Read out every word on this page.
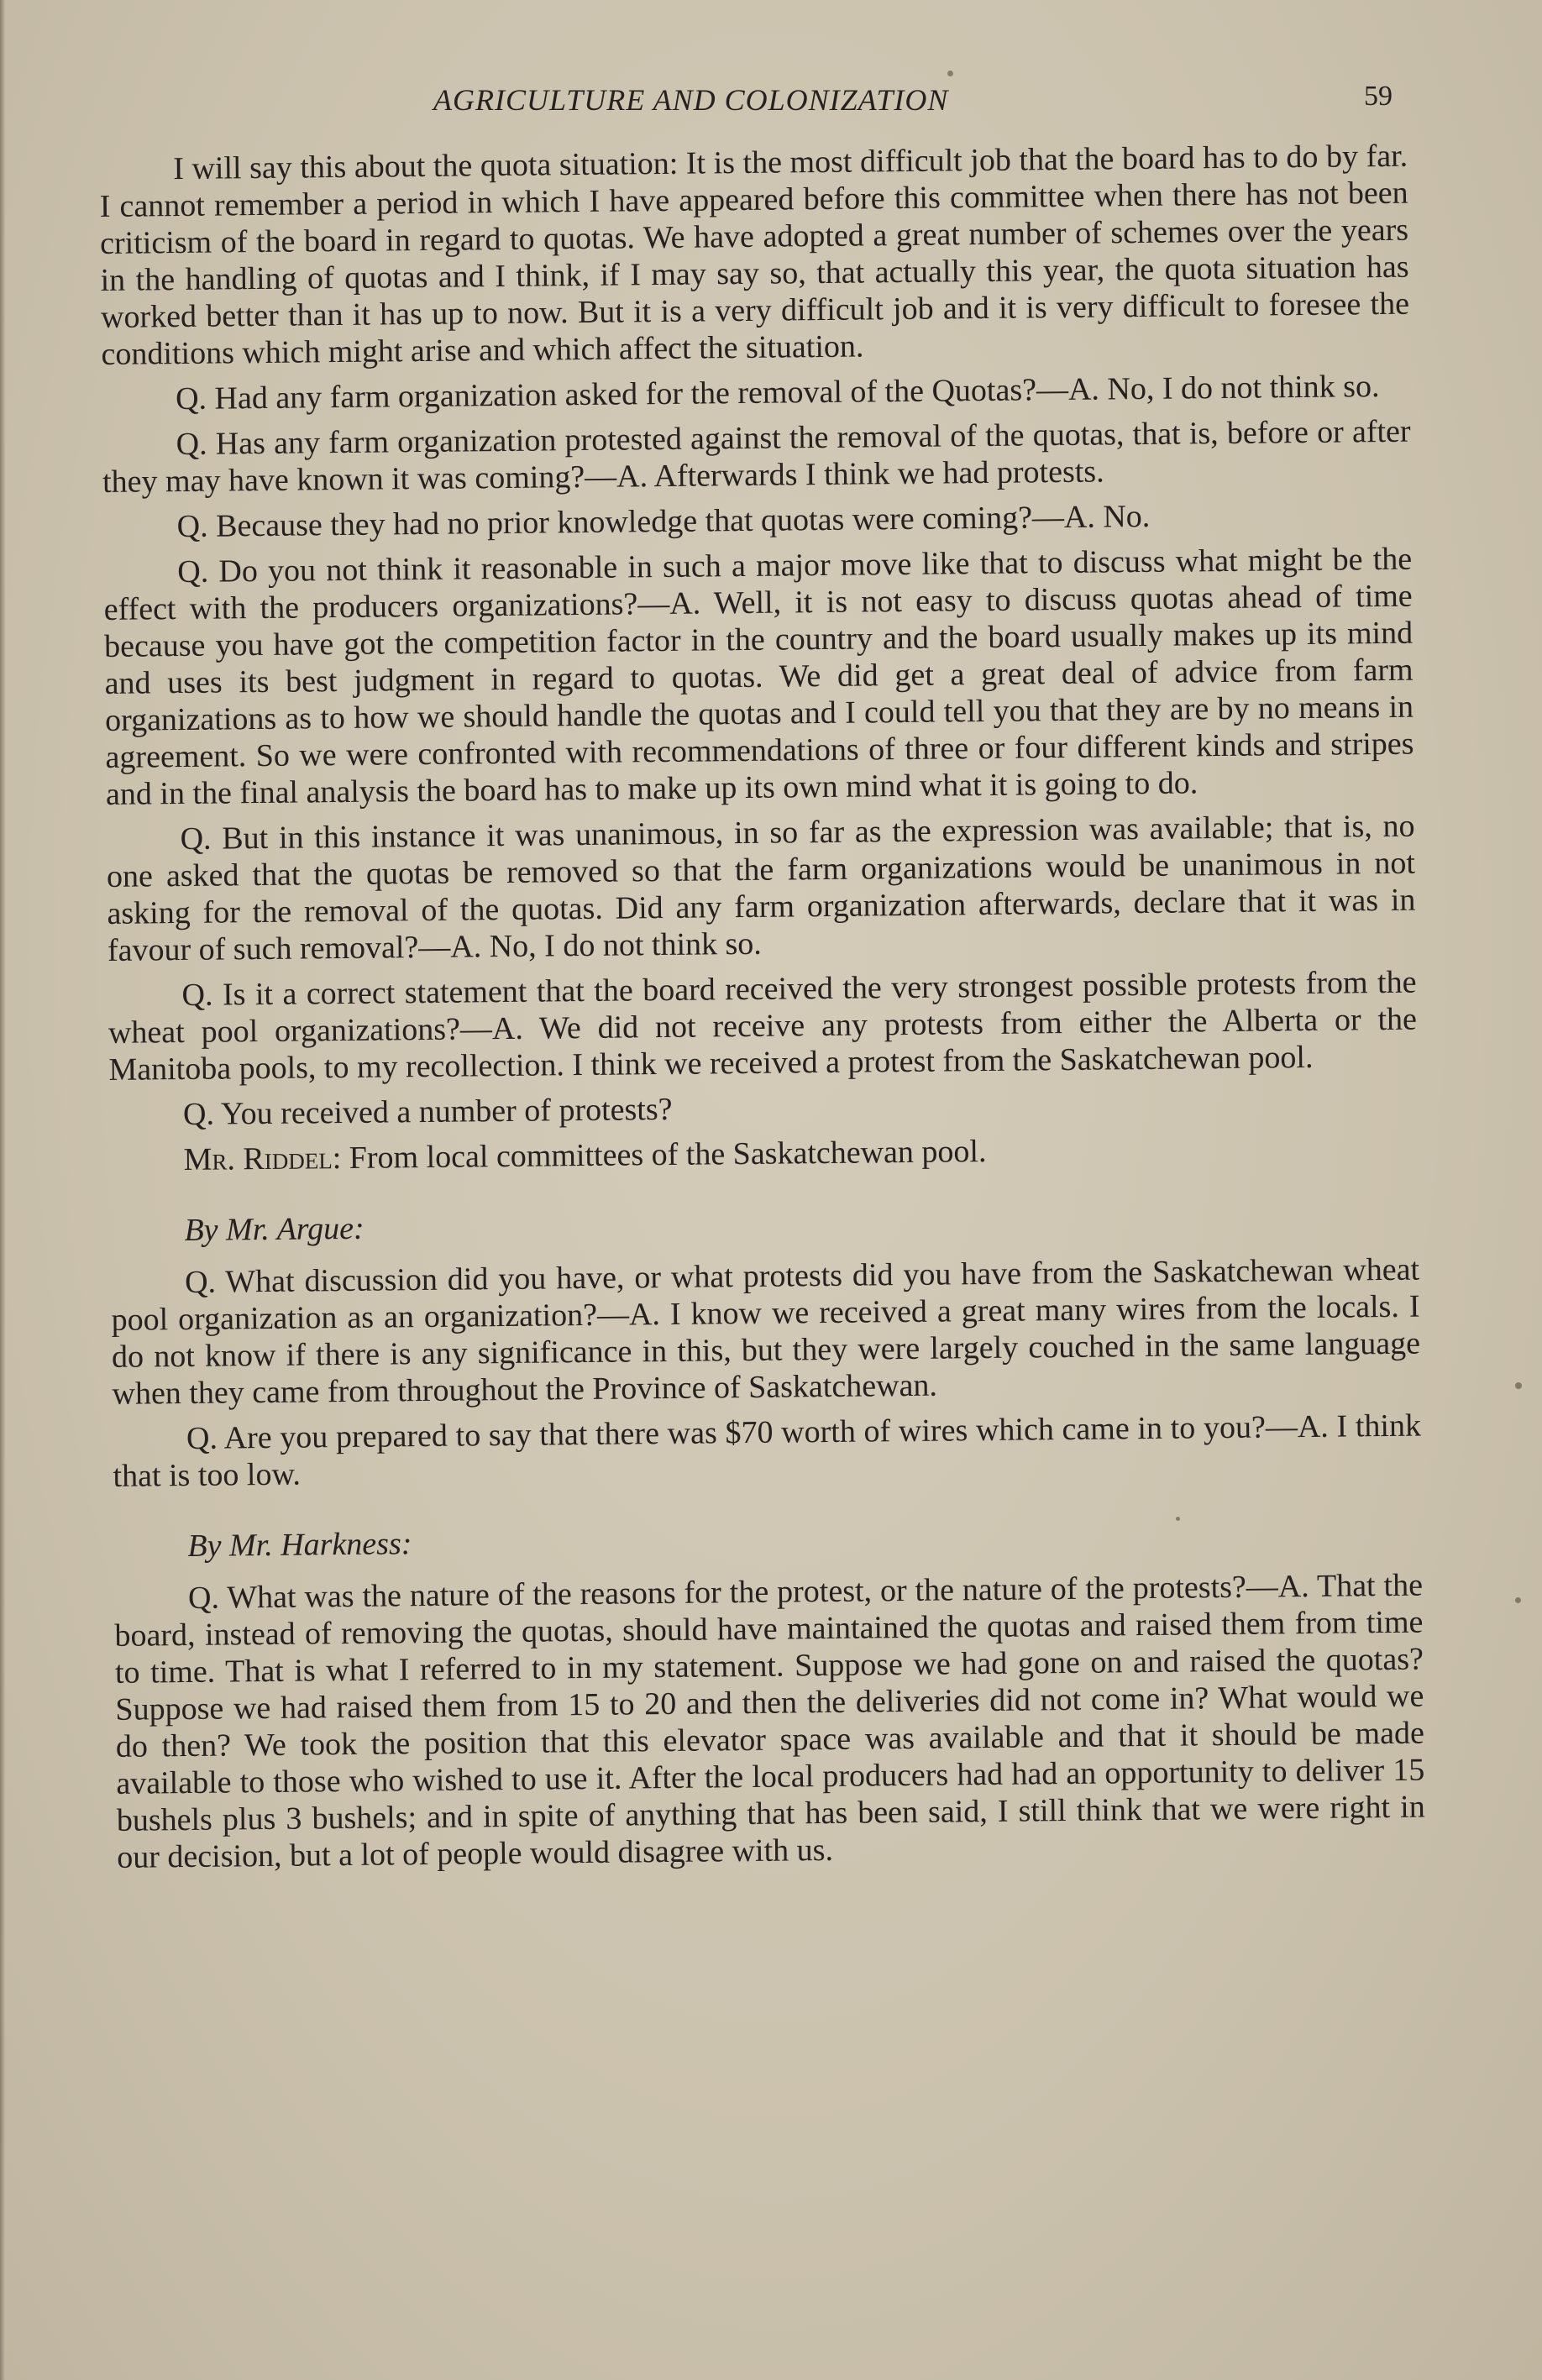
AGRICULTURE AND COLONIZATION	59

I will say this about the quota situation: It is the most difficult job that the board has to do by far. I cannot remember a period in which I have appeared before this committee when there has not been criticism of the board in regard to quotas. We have adopted a great number of schemes over the years in the handling of quotas and I think, if I may say so, that actually this year, the quota situation has worked better than it has up to now. But it is a very difficult job and it is very difficult to foresee the conditions which might arise and which affect the situation.

Q. Had any farm organization asked for the removal of the Quotas?—A. No, I do not think so.

Q. Has any farm organization protested against the removal of the quotas, that is, before or after they may have known it was coming?—A. Afterwards I think we had protests.

Q. Because they had no prior knowledge that quotas were coming?—A. No.

Q. Do you not think it reasonable in such a major move like that to discuss what might be the effect with the producers organizations?—A. Well, it is not easy to discuss quotas ahead of time because you have got the competition factor in the country and the board usually makes up its mind and uses its best judgment in regard to quotas. We did get a great deal of advice from farm organizations as to how we should handle the quotas and I could tell you that they are by no means in agreement. So we were confronted with recommendations of three or four different kinds and stripes and in the final analysis the board has to make up its own mind what it is going to do.

Q. But in this instance it was unanimous, in so far as the expression was available; that is, no one asked that the quotas be removed so that the farm organizations would be unanimous in not asking for the removal of the quotas. Did any farm organization afterwards, declare that it was in favour of such removal?—A. No, I do not think so.

Q. Is it a correct statement that the board received the very strongest possible protests from the wheat pool organizations?—A. We did not receive any protests from either the Alberta or the Manitoba pools, to my recollection. I think we received a protest from the Saskatchewan pool.

Q. You received a number of protests?

Mr. Riddel: From local committees of the Saskatchewan pool.

By Mr. Argue:

Q. What discussion did you have, or what protests did you have from the Saskatchewan wheat pool organization as an organization?—A. I know we received a great many wires from the locals. I do not know if there is any significance in this, but they were largely couched in the same language when they came from throughout the Province of Saskatchewan.

Q. Are you prepared to say that there was $70 worth of wires which came in to you?—A. I think that is too low.

By Mr. Harkness:

Q. What was the nature of the reasons for the protest, or the nature of the protests?—A. That the board, instead of removing the quotas, should have maintained the quotas and raised them from time to time. That is what I referred to in my statement. Suppose we had gone on and raised the quotas? Suppose we had raised them from 15 to 20 and then the deliveries did not come in? What would we do then? We took the position that this elevator space was available and that it should be made available to those who wished to use it. After the local producers had had an opportunity to deliver 15 bushels plus 3 bushels; and in spite of anything that has been said, I still think that we were right in our decision, but a lot of people would disagree with us.
